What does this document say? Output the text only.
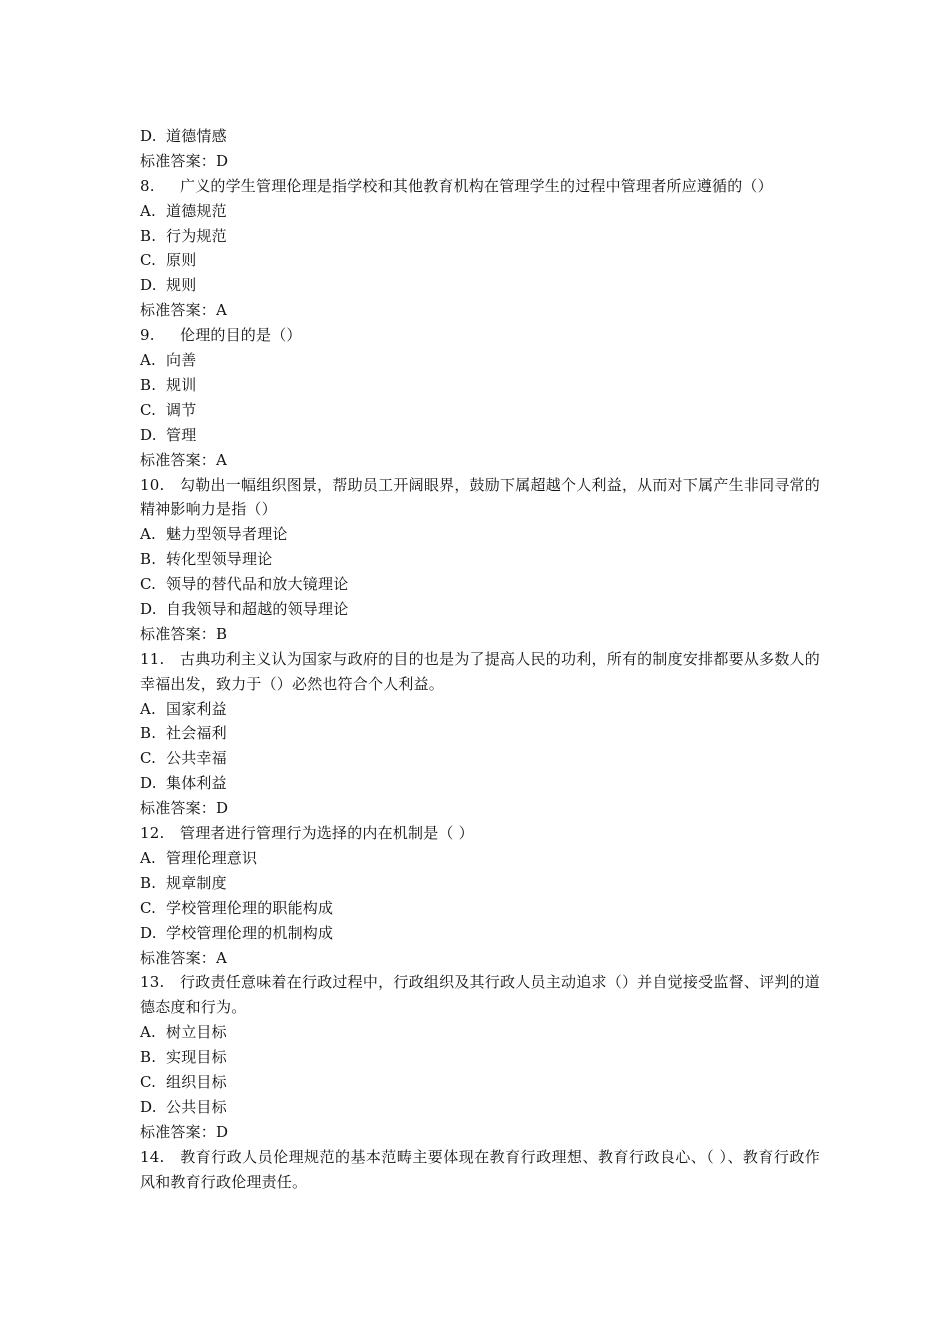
D. 道德情感
标准答案：D
8. 广义的学生管理伦理是指学校和其他教育机构在管理学生的过程中管理者所应遵循的（）
A. 道德规范
B. 行为规范
C. 原则
D. 规则
标准答案：A
9. 伦理的目的是（）
A. 向善
B. 规训
C. 调节
D. 管理
标准答案：A
10. 勾勒出一幅组织图景，帮助员工开阔眼界，鼓励下属超越个人利益，从而对下属产生非同寻常的精神影响力是指（）
A. 魅力型领导者理论
B. 转化型领导理论
C. 领导的替代品和放大镜理论
D. 自我领导和超越的领导理论
标准答案：B
11. 古典功利主义认为国家与政府的目的也是为了提高人民的功利，所有的制度安排都要从多数人的幸福出发，致力于（）必然也符合个人利益。
A. 国家利益
B. 社会福利
C. 公共幸福
D. 集体利益
标准答案：D
12. 管理者进行管理行为选择的内在机制是（ ）
A. 管理伦理意识
B. 规章制度
C. 学校管理伦理的职能构成
D. 学校管理伦理的机制构成
标准答案：A
13. 行政责任意味着在行政过程中，行政组织及其行政人员主动追求（）并自觉接受监督、评判的道德态度和行为。
A. 树立目标
B. 实现目标
C. 组织目标
D. 公共目标
标准答案：D
14. 教育行政人员伦理规范的基本范畴主要体现在教育行政理想、教育行政良心、（ ）、教育行政作风和教育行政伦理责任。
